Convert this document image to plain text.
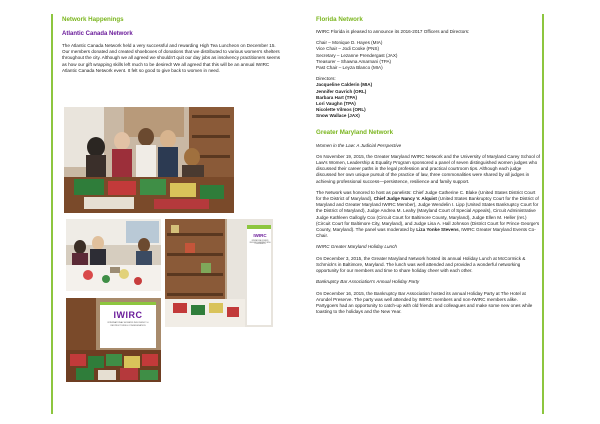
Network Happenings
Atlantic Canada Network

The Atlantic Canada Network held a very successful and rewarding High Tea Luncheon on December 15. Our members donated and created shoeboxes of donations that we distributed to various women's shelters throughout the city. Although we all agreed we shouldn't quit our day jobs as insolvency practitioners seems as how our gift wrapping skills left much to be desired! We all agreed that this will be an annual IWIRC Atlantic Canada Network event. It felt so good to give back to women in need.

IWIRC
INTERNATIONAL WOMEN'S INSOLVENCY & RESTRUCTURING CONFEDERATION
IWIRC
INTERNATIONAL WOMEN'S INSOLVENCY & RESTRUCTURING CONFEDERATION
Florida Network

IWIRC Florida is pleased to announce its 2016-2017 Officers and Directors:

Chair – Monique D. Hayes (MIA)
Vice Chair – Jodi Cooke (PNS)
Secretary – Lezanne Prendergast (JAX)
Treasurer – Shawna Amarnani (TPA)
Past Chair – Leyza Blanco (MIA)
Directors:
Jacqueline Calderin (MIA)
Jennifer Gavrich (ORL)
Barbara Hart (TPA)
Lori Vaughn (TPA)
Nicolette Vilmos (ORL)
Snow Wallace (JAX)
Greater Maryland Network

Women in the Law: A Judicial Perspective

On November 19, 2015, the Greater Maryland IWIRC Network and the University of Maryland Carey School of Law's Women, Leadership & Equality Program sponsored a panel of seven distinguished women judges who discussed their career paths in the legal profession and practical courtroom tips. Although each judge discussed her own unique pursuit of the practice of law, three commonalities were shared by all judges in achieving professional success—persistence, resilience and family support.

The Network was honored to host as panelists: Chief Judge Catherine C. Blake (United States District Court for the District of Maryland), Chief Judge Nancy V. Alquist (United States Bankruptcy Court for the District of Maryland and Greater Maryland IWIRC Member), Judge Wendelin I. Lipp (United States Bankruptcy Court for the District of Maryland), Judge Andrea M. Leahy (Maryland Court of Special Appeals), Circuit Administrative Judge Kathleen Gallogly Cox (Circuit Court for Baltimore County, Maryland), Judge Ellen M. Heller (ret.) (Circuit Court for Baltimore City, Maryland), and Judge Lisa A. Hall Johnson (District Court for Prince George's County, Maryland). The panel was moderated by Liza Yonke Stevens, IWIRC Greater Maryland Events Co-Chair.

IWIRC Greater Maryland Holiday Lunch

On December 3, 2015, the Greater Maryland Network hosted its annual Holiday Lunch at McCormick & Schmick's in Baltimore, Maryland. The lunch was well attended and provided a wonderful networking opportunity for our members and time to share holiday cheer with each other.

Bankruptcy Bar Association's Annual Holiday Party

On December 16, 2015, the Bankruptcy Bar Association hosted its annual Holiday Party at The Hotel at Arundel Preserve. The party was well attended by IWIRC members and non-IWIRC members alike. Partygoers had an opportunity to catch-up with old friends and colleagues and make some new ones while toasting to the holidays and the New Year.
